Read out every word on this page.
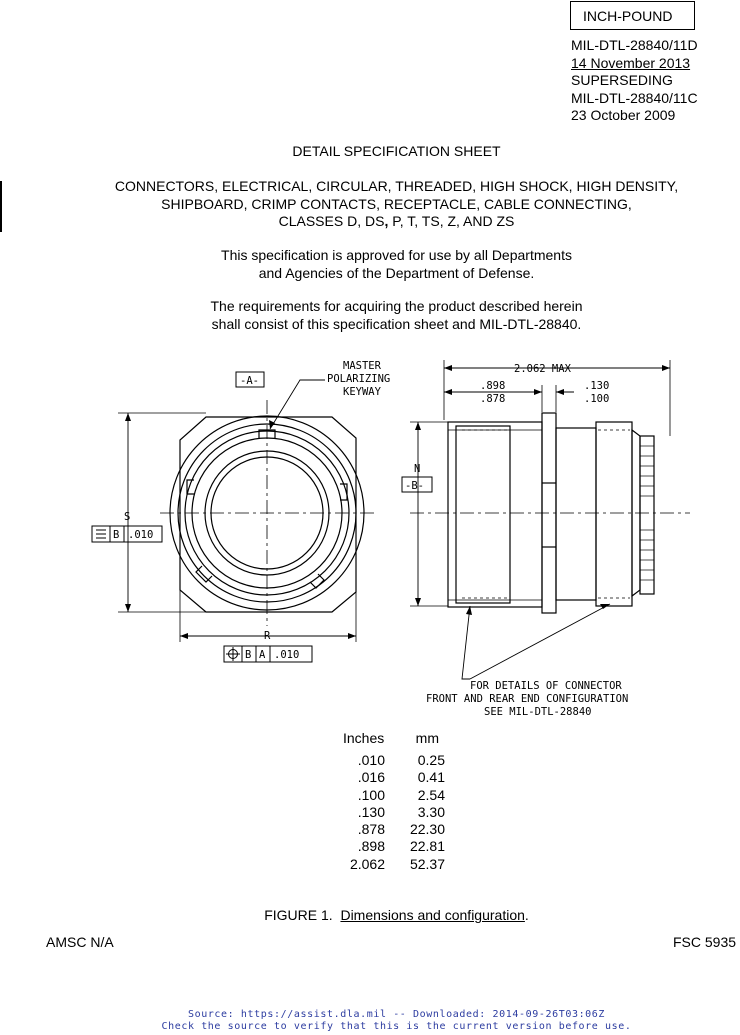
INCH-POUND
MIL-DTL-28840/11D
14 November 2013
SUPERSEDING
MIL-DTL-28840/11C
23 October 2009
DETAIL SPECIFICATION SHEET
CONNECTORS, ELECTRICAL, CIRCULAR, THREADED, HIGH SHOCK, HIGH DENSITY,
SHIPBOARD, CRIMP CONTACTS, RECEPTACLE, CABLE CONNECTING,
CLASSES D, DS, P, T, TS, Z, AND ZS
This specification is approved for use by all Departments
and Agencies of the Department of Defense.
The requirements for acquiring the product described herein
shall consist of this specification sheet and MIL-DTL-28840.
-A-
MASTER
POLARIZING
KEYWAY
S
B .010
R
B A .010
N
-B-
2.062 MAX
.898
.878
.130
.100
FOR DETAILS OF CONNECTOR
FRONT AND REAR END CONFIGURATION
SEE MIL-DTL-28840
Inches	mm
.010	0.25
.016	0.41
.100	2.54
.130	3.30
.878	22.30
.898	22.81
2.062	52.37
FIGURE 1. Dimensions and configuration.
AMSC N/A	FSC 5935
Source: https://assist.dla.mil -- Downloaded: 2014-09-26T03:06Z
Check the source to verify that this is the current version before use.
